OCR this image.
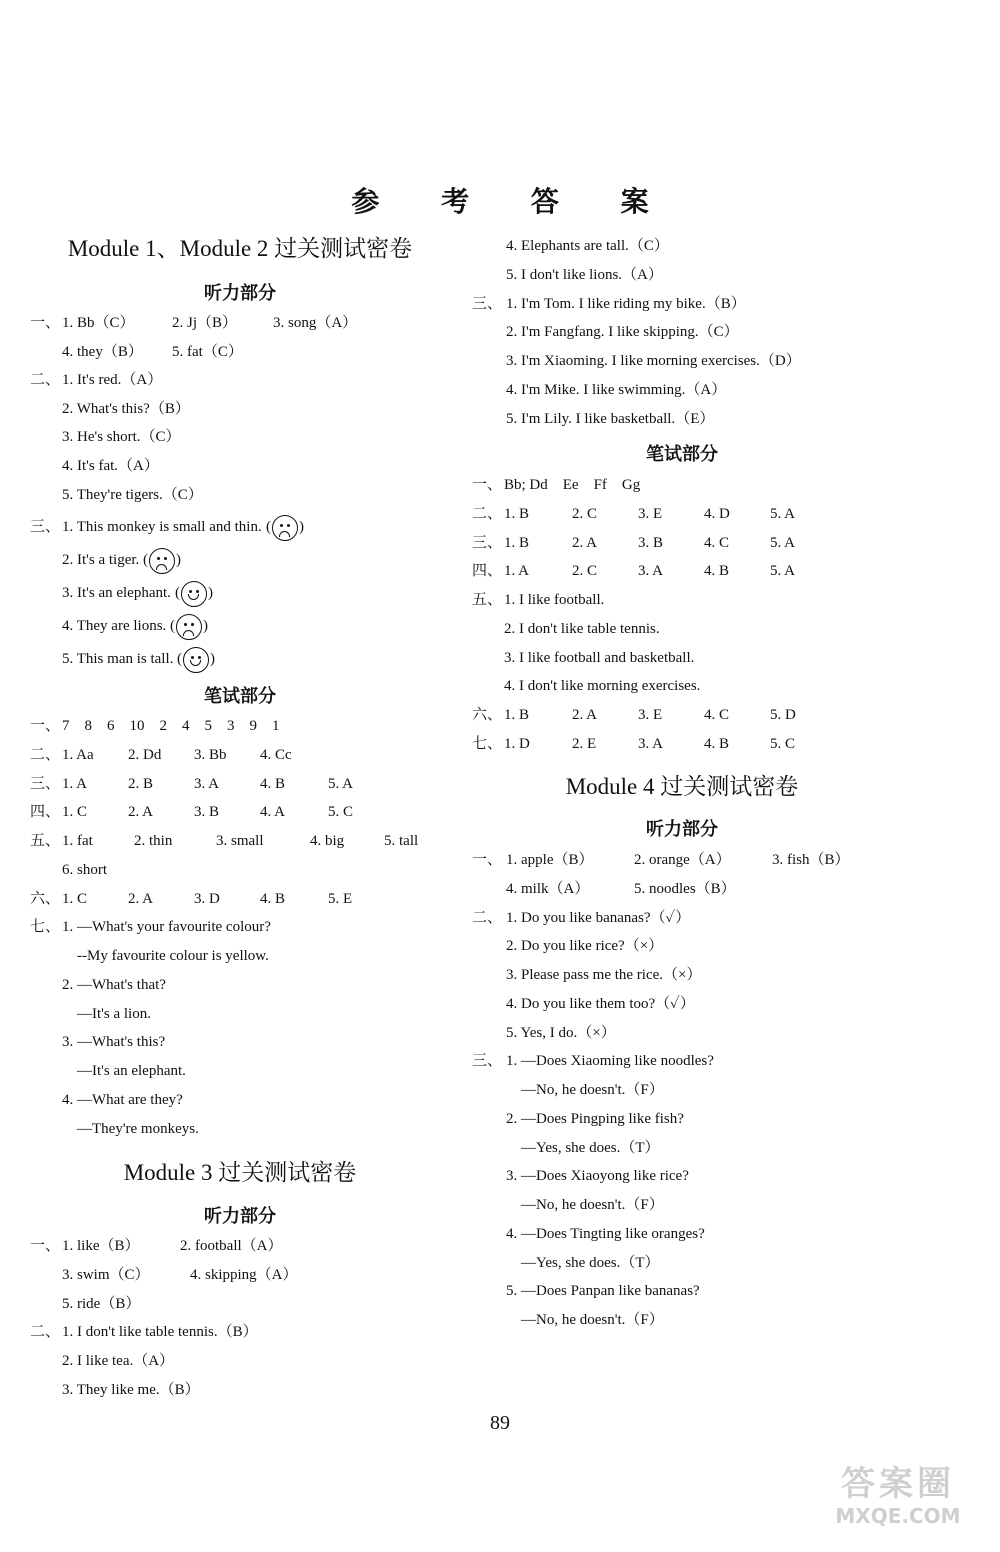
参 考 答 案
Module 1、Module 2 过关测试密卷
听力部分
一、 1. Bb（C） 2. Jj（B） 3. song（A）
4. they（B） 5. fat（C）
二、 1. It's red.（A）
2. What's this?（B）
3. He's short.（C）
4. It's fat.（A）
5. They're tigers.（C）
三、 1. This monkey is small and thin. ( )
2. It's a tiger. ( )
3. It's an elephant. ( )
4. They are lions. ( )
5. This man is tall. ( )
笔试部分
一、 7　8　6　10　2　4　5　3　9　1
二、 1. Aa 2. Dd 3. Bb 4. Cc
三、 1. A	2. B	3. A	4. B	5. A
四、 1. C	2. A	3. B	4. A	5. C
五、 1. fat	2. thin	3. small	4. big	5. tall
6. short
六、 1. C	2. A	3. D	4. B	5. E
七、 1. —What's your favourite colour?
　--My favourite colour is yellow.
2. —What's that?
　—It's a lion.
3. —What's this?
　—It's an elephant.
4. —What are they?
　—They're monkeys.
Module 3 过关测试密卷
听力部分
一、 1. like（B）	2. football（A）
3. swim（C）	4. skipping（A）
5. ride（B）
二、 1. I don't like table tennis.（B）
2. I like tea.（A）
3. They like me.（B）
4. Elephants are tall.（C）
5. I don't like lions.（A）
三、 1. I'm Tom. I like riding my bike.（B）
2. I'm Fangfang. I like skipping.（C）
3. I'm Xiaoming. I like morning exercises.（D）
4. I'm Mike. I like swimming.（A）
5. I'm Lily. I like basketball.（E）
笔试部分
一、 Bb; Dd　Ee　Ff　Gg
二、 1. B	2. C	3. E	4. D	5. A
三、 1. B	2. A	3. B	4. C	5. A
四、 1. A	2. C	3. A	4. B	5. A
五、 1. I like football.
2. I don't like table tennis.
3. I like football and basketball.
4. I don't like morning exercises.
六、 1. B	2. A	3. E	4. C	5. D
七、 1. D	2. E	3. A	4. B	5. C
Module 4 过关测试密卷
听力部分
一、 1. apple（B）	2. orange（A）	3. fish（B）
4. milk（A）	5. noodles（B）
二、 1. Do you like bananas?（✓）
2. Do you like rice?（×）
3. Please pass me the rice.（×）
4. Do you like them too?（✓）
5. Yes, I do.（×）
三、 1. —Does Xiaoming like noodles?
　—No, he doesn't.（F）
2. —Does Pingping like fish?
　—Yes, she does.（T）
3. —Does Xiaoyong like rice?
　—No, he doesn't.（F）
4. —Does Tingting like oranges?
　—Yes, she does.（T）
5. —Does Panpan like bananas?
　—No, he doesn't.（F）
89
答案圈
MXQE.COM
